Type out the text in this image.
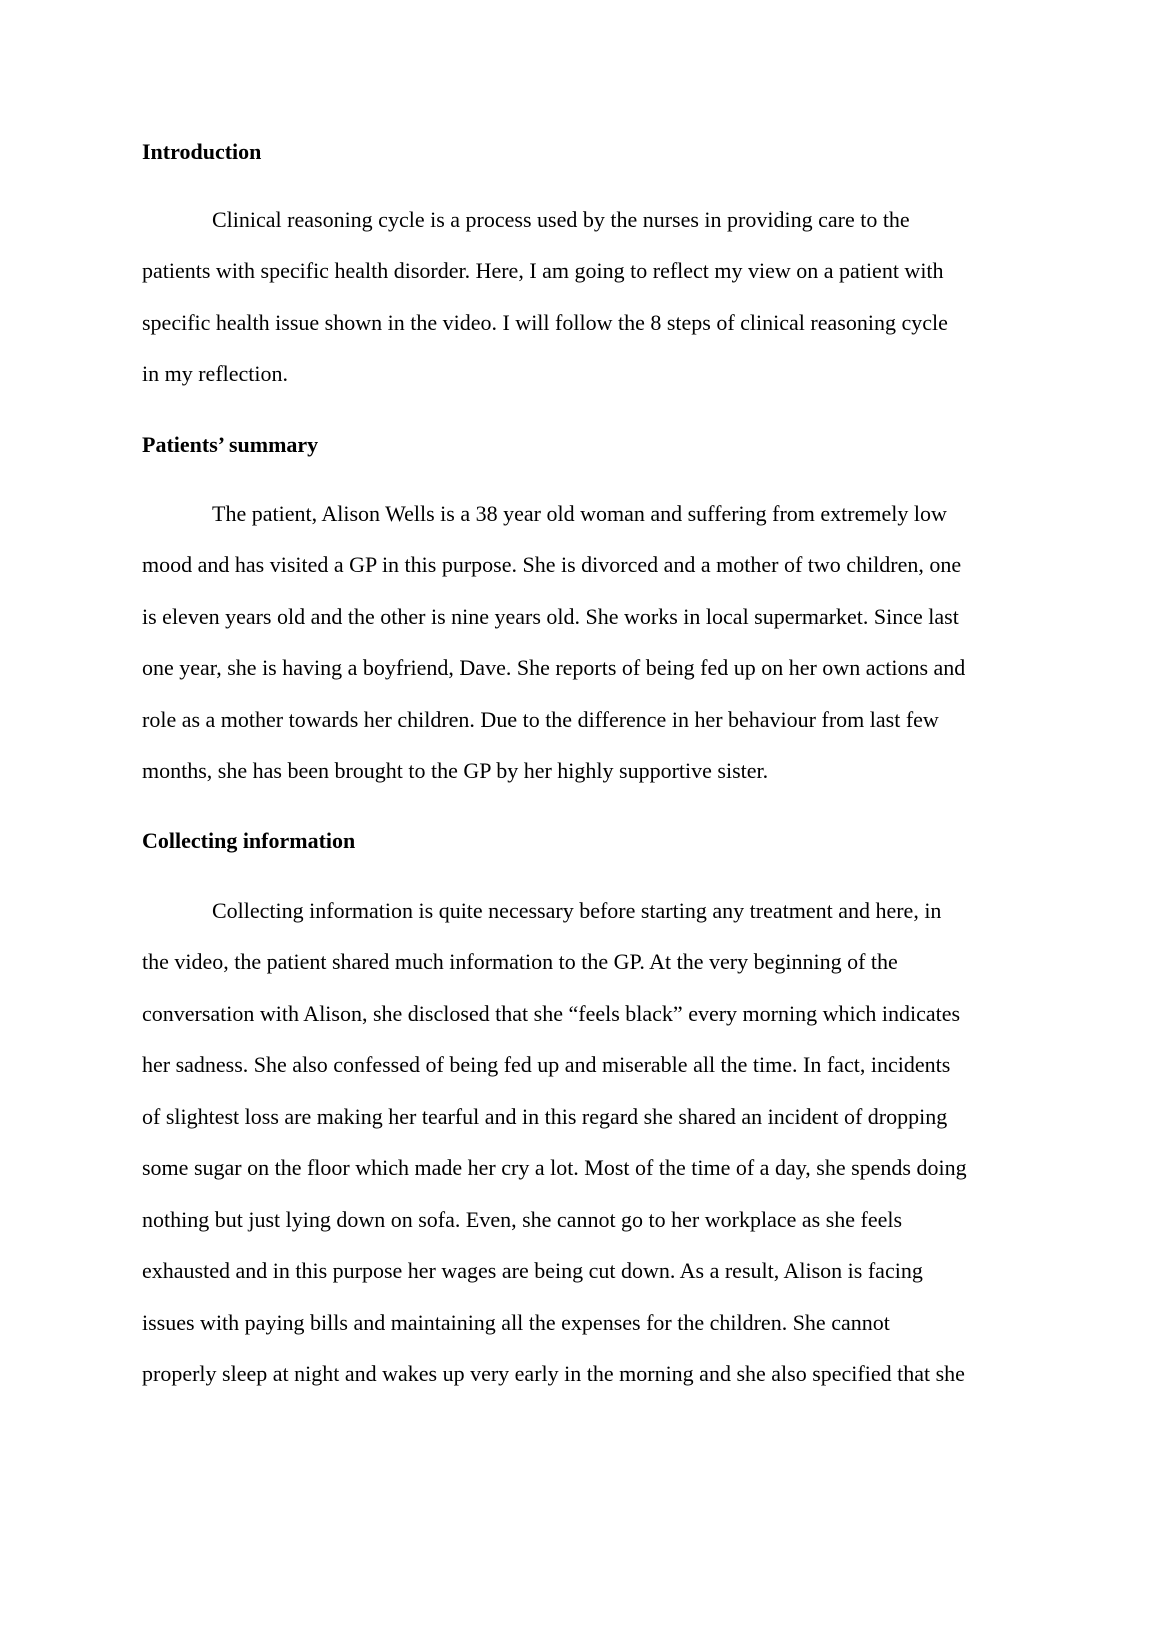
Introduction
Clinical reasoning cycle is a process used by the nurses in providing care to the
patients with specific health disorder. Here, I am going to reflect my view on a patient with
specific health issue shown in the video. I will follow the 8 steps of clinical reasoning cycle
in my reflection.
Patients’ summary
The patient, Alison Wells is a 38 year old woman and suffering from extremely low
mood and has visited a GP in this purpose. She is divorced and a mother of two children, one
is eleven years old and the other is nine years old. She works in local supermarket. Since last
one year, she is having a boyfriend, Dave. She reports of being fed up on her own actions and
role as a mother towards her children. Due to the difference in her behaviour from last few
months, she has been brought to the GP by her highly supportive sister.
Collecting information
Collecting information is quite necessary before starting any treatment and here, in
the video, the patient shared much information to the GP. At the very beginning of the
conversation with Alison, she disclosed that she “feels black” every morning which indicates
her sadness. She also confessed of being fed up and miserable all the time. In fact, incidents
of slightest loss are making her tearful and in this regard she shared an incident of dropping
some sugar on the floor which made her cry a lot. Most of the time of a day, she spends doing
nothing but just lying down on sofa. Even, she cannot go to her workplace as she feels
exhausted and in this purpose her wages are being cut down. As a result, Alison is facing
issues with paying bills and maintaining all the expenses for the children. She cannot
properly sleep at night and wakes up very early in the morning and she also specified that she
